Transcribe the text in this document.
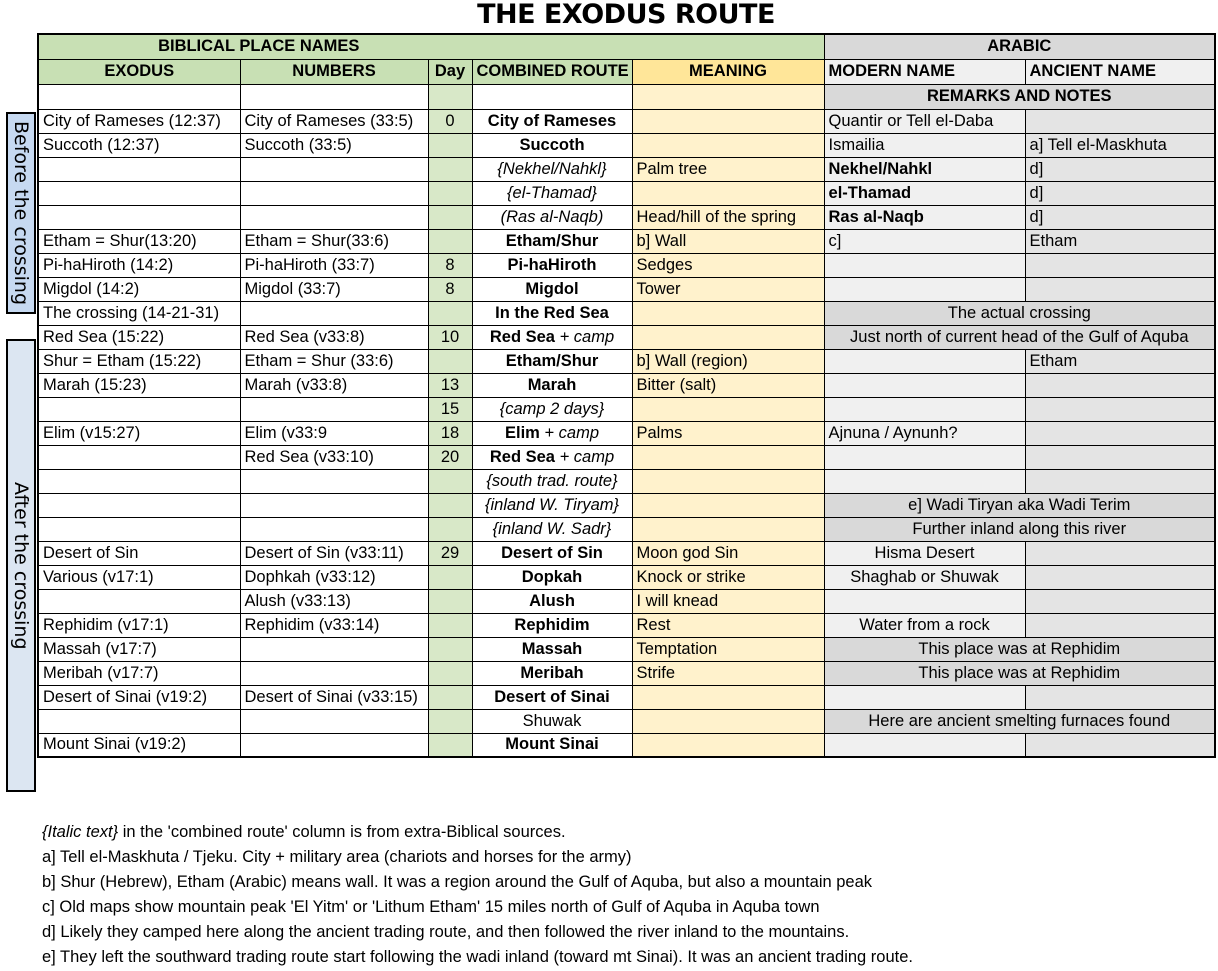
THE EXODUS ROUTE
Before the crossing
After the crossing
BIBLICAL PLACE NAMES					ARABIC	
EXODUS	NUMBERS	Day	COMBINED ROUTE	MEANING	MODERN NAME	ANCIENT NAME
					REMARKS AND NOTES	
City of Rameses (12:37)	City of Rameses (33:5)	0	City of Rameses		Quantir or Tell el-Daba	
Succoth (12:37)	Succoth (33:5)		Succoth		Ismailia	a] Tell el-Maskhuta
			{Nekhel/Nahkl}	Palm tree	Nekhel/Nahkl	d]
			{el-Thamad}		el-Thamad	d]
			(Ras al-Naqb)	Head/hill of the spring	Ras al-Naqb	d]
Etham = Shur(13:20)	Etham = Shur(33:6)		Etham/Shur	b] Wall	c]	Etham
Pi-haHiroth (14:2)	Pi-haHiroth (33:7)	8	Pi-haHiroth	Sedges		
Migdol (14:2)	Migdol (33:7)	8	Migdol	Tower		
The crossing (14-21-31)			In the Red Sea		The actual crossing	
Red Sea (15:22)	Red Sea (v33:8)	10	Red Sea + camp		Just north of current head of the Gulf of Aquba	
Shur = Etham (15:22)	Etham = Shur (33:6)		Etham/Shur	b] Wall (region)		Etham
Marah (15:23)	Marah (v33:8)	13	Marah	Bitter (salt)		
		15	{camp 2 days}			
Elim (v15:27)	Elim (v33:9	18	Elim + camp	Palms	Ajnuna / Aynunh?	
	Red Sea (v33:10)	20	Red Sea + camp			
			{south trad. route}			
			{inland W. Tiryam}		e] Wadi Tiryan aka Wadi Terim	
			{inland W. Sadr}		Further inland along this river	
Desert of Sin	Desert of Sin (v33:11)	29	Desert of Sin	Moon god Sin	Hisma Desert	
Various (v17:1)	Dophkah (v33:12)		Dopkah	Knock or strike	Shaghab or Shuwak	
	Alush (v33:13)		Alush	I will knead		
Rephidim (v17:1)	Rephidim (v33:14)		Rephidim	Rest	Water from a rock	
Massah (v17:7)			Massah	Temptation	This place was at Rephidim	
Meribah (v17:7)			Meribah	Strife	This place was at Rephidim	
Desert of Sinai (v19:2)	Desert of Sinai (v33:15)		Desert of Sinai			
			Shuwak		Here are ancient smelting furnaces found	
Mount Sinai (v19:2)			Mount Sinai			
{Italic text} in the 'combined route' column is from extra-Biblical sources.
a] Tell el-Maskhuta / Tjeku. City + military area (chariots and horses for the army)
b] Shur (Hebrew), Etham (Arabic) means wall. It was a region around the Gulf of Aquba, but also a mountain peak
c] Old maps show mountain peak 'El Yitm' or 'Lithum Etham' 15 miles north of Gulf of Aquba in Aquba town
d] Likely they camped here along the ancient trading route, and then followed the river inland to the mountains.
e] They left the southward trading route start following the wadi inland (toward mt Sinai). It was an ancient trading route.
